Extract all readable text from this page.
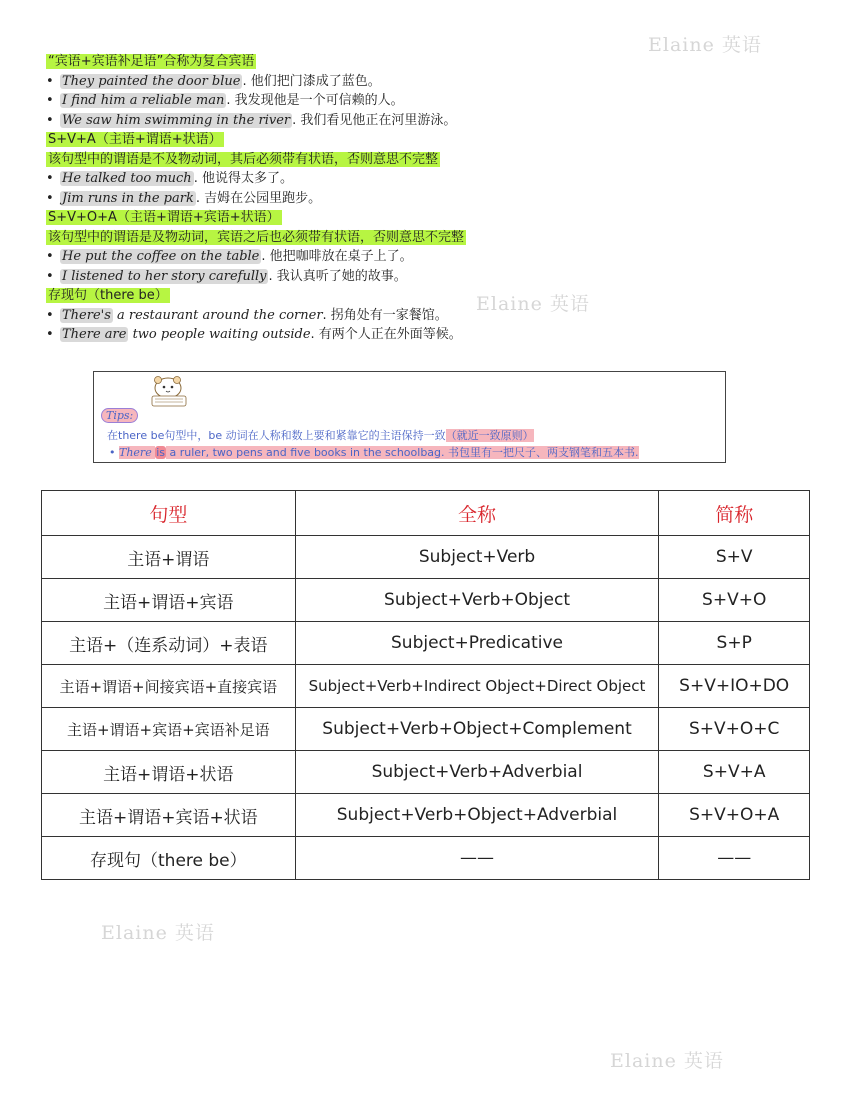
Elaine 英语
Elaine 英语
Elaine 英语
Elaine 英语
“宾语+宾语补足语”合称为复合宾语
• They painted the door blue . 他们把门漆成了蓝色。
• I find him a reliable man . 我发现他是一个可信赖的人。
• We saw him swimming in the river . 我们看见他正在河里游泳。
S+V+A（主语+谓语+状语）
该句型中的谓语是不及物动词，其后必须带有状语，否则意思不完整
• He talked too much . 他说得太多了。
• Jim runs in the park . 吉姆在公园里跑步。
S+V+O+A（主语+谓语+宾语+状语）
该句型中的谓语是及物动词，宾语之后也必须带有状语，否则意思不完整
• He put the coffee on the table . 他把咖啡放在桌子上了。
• I listened to her story carefully . 我认真听了她的故事。
存现句（there be）
• There's a restaurant around the corner. 拐角处有一家餐馆。
• There are two people waiting outside. 有两个人正在外面等候。
Tips:
在there be句型中，be 动词在人称和数上要和紧靠它的主语保持一致（就近一致原则）
• There is a ruler, two pens and five books in the schoolbag. 书包里有一把尺子、两支钢笔和五本书.
句型	全称	简称
主语+谓语	Subject+Verb	S+V
主语+谓语+宾语	Subject+Verb+Object	S+V+O
主语+（连系动词）+表语	Subject+Predicative	S+P
主语+谓语+间接宾语+直接宾语	Subject+Verb+Indirect Object+Direct Object	S+V+IO+DO
主语+谓语+宾语+宾语补足语	Subject+Verb+Object+Complement	S+V+O+C
主语+谓语+状语	Subject+Verb+Adverbial	S+V+A
主语+谓语+宾语+状语	Subject+Verb+Object+Adverbial	S+V+O+A
存现句（there be）	——	——
